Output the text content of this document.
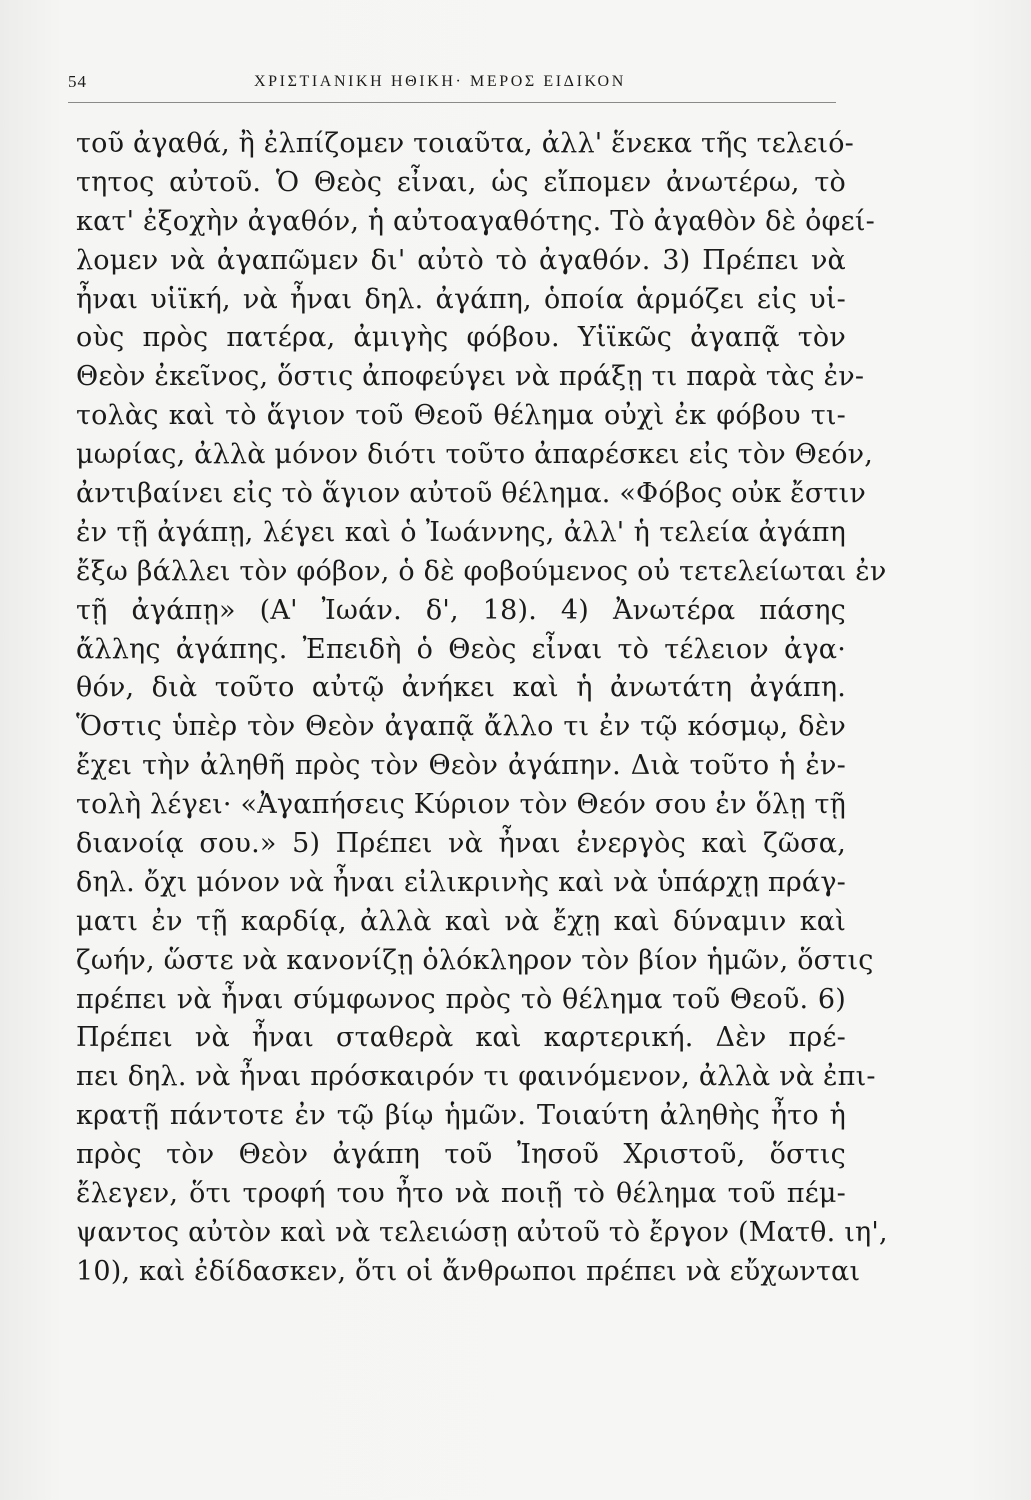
54	ΧΡΙΣΤΙΑΝΙΚΗ ΗΘΙΚΗ· ΜΕΡΟΣ ΕΙΔΙΚΟΝ
τοῦ ἀγαθά, ἢ ἐλπίζομεν τοιαῦτα, ἀλλ' ἕνεκα τῆς τελειό-
τητος αὐτοῦ. Ὁ Θεὸς εἶναι, ὡς εἴπομεν ἀνωτέρω, τὸ
κατ' ἐξοχὴν ἀγαθόν, ἡ αὐτοαγαθότης. Τὸ ἀγαθὸν δὲ ὀφεί-
λομεν νὰ ἀγαπῶμεν δι' αὐτὸ τὸ ἀγαθόν. 3) Πρέπει νὰ
ἦναι υἱϊκή, νὰ ἦναι δηλ. ἀγάπη, ὁποία ἁρμόζει εἰς υἱ-
οὺς πρὸς πατέρα, ἀμιγὴς φόβου. Υἱϊκῶς ἀγαπᾷ τὸν
Θεὸν ἐκεῖνος, ὅστις ἀποφεύγει νὰ πράξῃ τι παρὰ τὰς ἐν-
τολὰς καὶ τὸ ἅγιον τοῦ Θεοῦ θέλημα οὐχὶ ἐκ φόβου τι-
μωρίας, ἀλλὰ μόνον διότι τοῦτο ἀπαρέσκει εἰς τὸν Θεόν,
ἀντιβαίνει εἰς τὸ ἅγιον αὐτοῦ θέλημα. «Φόβος οὐκ ἔστιν
ἐν τῇ ἀγάπῃ, λέγει καὶ ὁ Ἰωάννης, ἀλλ' ἡ τελεία ἀγάπη
ἔξω βάλλει τὸν φόβον, ὁ δὲ φοβούμενος οὐ τετελείωται ἐν
τῇ ἀγάπῃ» (Α' Ἰωάν. δ', 18). 4) Ἀνωτέρα πάσης
ἄλλης ἀγάπης. Ἐπειδὴ ὁ Θεὸς εἶναι τὸ τέλειον ἀγα·
θόν, διὰ τοῦτο αὐτῷ ἀνήκει καὶ ἡ ἀνωτάτη ἀγάπη.
Ὅστις ὑπὲρ τὸν Θεὸν ἀγαπᾷ ἄλλο τι ἐν τῷ κόσμῳ, δὲν
ἔχει τὴν ἀληθῆ πρὸς τὸν Θεὸν ἀγάπην. Διὰ τοῦτο ἡ ἐν-
τολὴ λέγει· «Ἀγαπήσεις Κύριον τὸν Θεόν σου ἐν ὅλῃ τῇ
διανοίᾳ σου.» 5) Πρέπει νὰ ἦναι ἐνεργὸς καὶ ζῶσα,
δηλ. ὄχι μόνον νὰ ἦναι εἰλικρινὴς καὶ νὰ ὑπάρχῃ πράγ-
ματι ἐν τῇ καρδίᾳ, ἀλλὰ καὶ νὰ ἔχῃ καὶ δύναμιν καὶ
ζωήν, ὥστε νὰ κανονίζῃ ὁλόκληρον τὸν βίον ἡμῶν, ὅστις
πρέπει νὰ ἦναι σύμφωνος πρὸς τὸ θέλημα τοῦ Θεοῦ. 6)
Πρέπει νὰ ἦναι σταθερὰ καὶ καρτερική. Δὲν πρέ-
πει δηλ. νὰ ἦναι πρόσκαιρόν τι φαινόμενον, ἀλλὰ νὰ ἐπι-
κρατῇ πάντοτε ἐν τῷ βίῳ ἡμῶν. Τοιαύτη ἀληθὴς ἦτο ἡ
πρὸς τὸν Θεὸν ἀγάπη τοῦ Ἰησοῦ Χριστοῦ, ὅστις
ἔλεγεν, ὅτι τροφή του ἦτο νὰ ποιῇ τὸ θέλημα τοῦ πέμ-
ψαντος αὐτὸν καὶ νὰ τελειώσῃ αὐτοῦ τὸ ἔργον (Ματθ. ιη',
10), καὶ ἐδίδασκεν, ὅτι οἱ ἄνθρωποι πρέπει νὰ εὔχωνται
